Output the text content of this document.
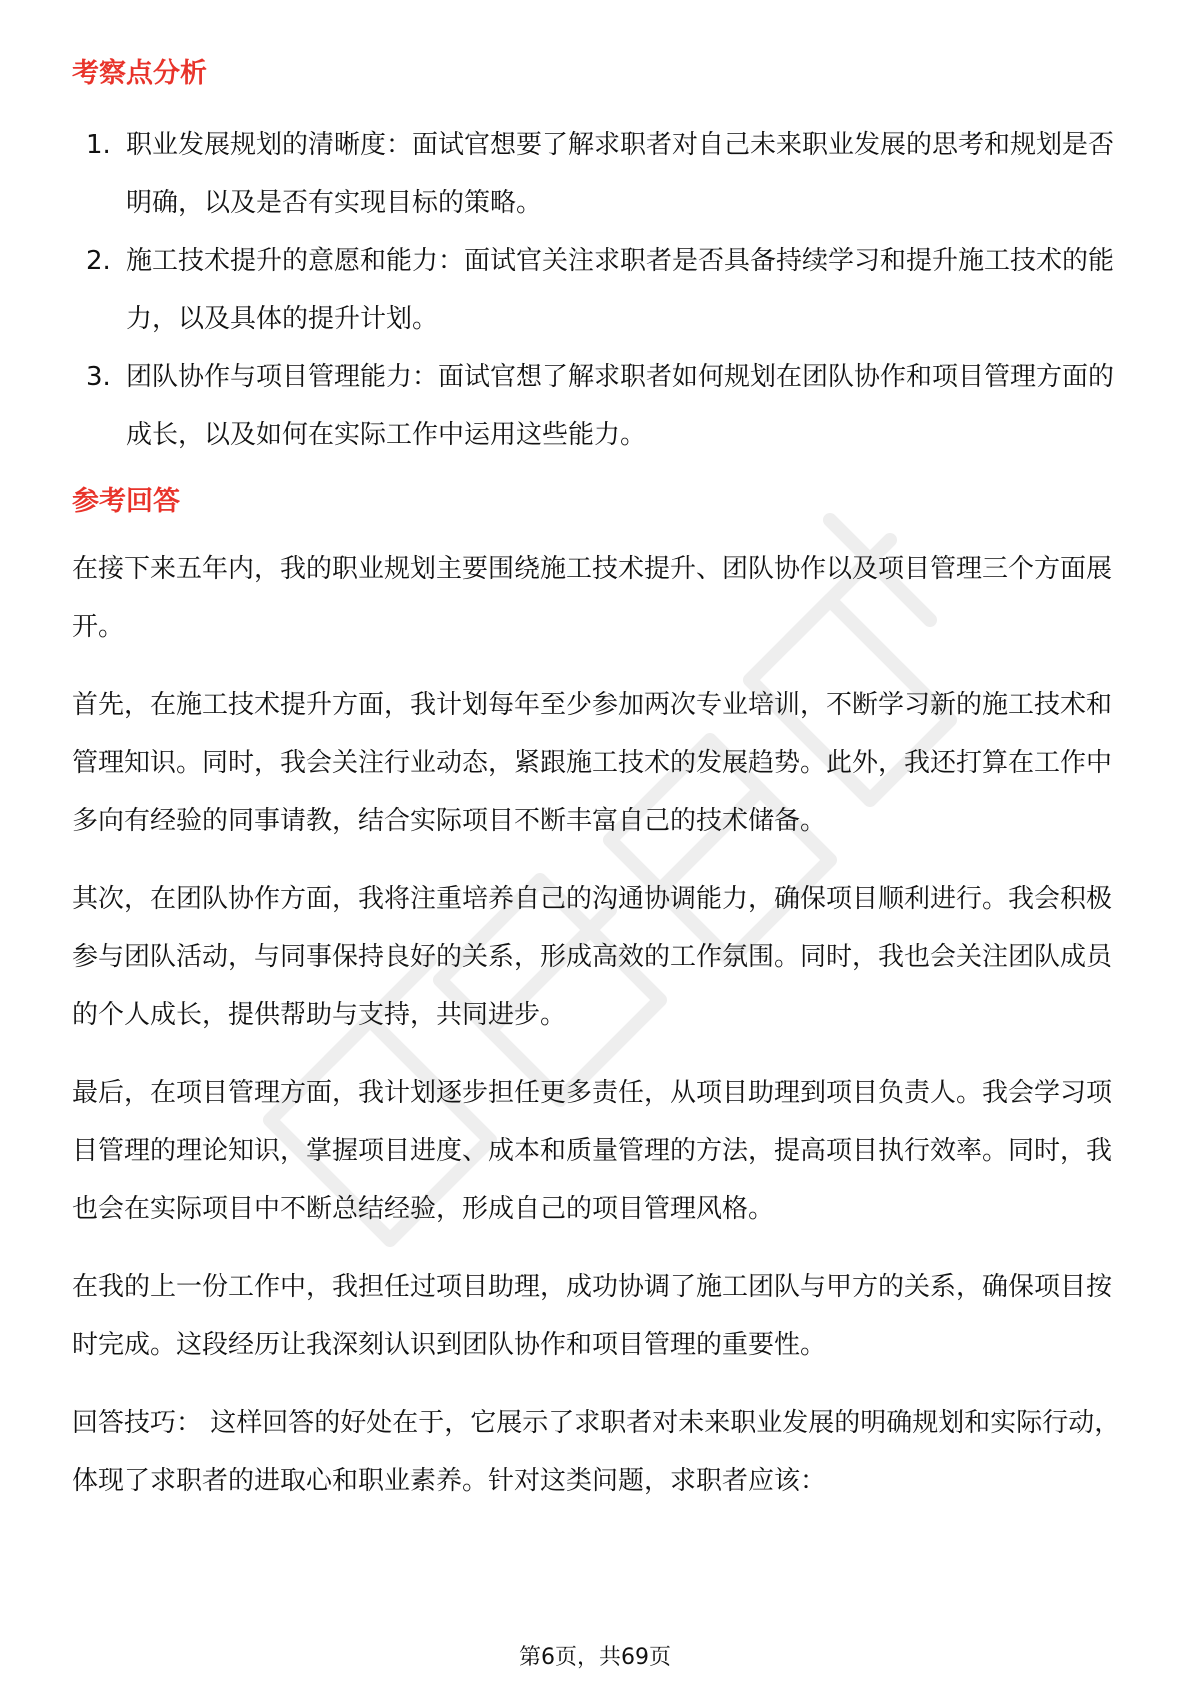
考察点分析
1. 职业发展规划的清晰度：面试官想要了解求职者对自己未来职业发展的思考和规划是否明确，以及是否有实现目标的策略。
2. 施工技术提升的意愿和能力：面试官关注求职者是否具备持续学习和提升施工技术的能力，以及具体的提升计划。
3. 团队协作与项目管理能力：面试官想了解求职者如何规划在团队协作和项目管理方面的成长，以及如何在实际工作中运用这些能力。
参考回答

在接下来五年内，我的职业规划主要围绕施工技术提升、团队协作以及项目管理三个方面展开。

首先，在施工技术提升方面，我计划每年至少参加两次专业培训，不断学习新的施工技术和管理知识。同时，我会关注行业动态，紧跟施工技术的发展趋势。此外，我还打算在工作中多向有经验的同事请教，结合实际项目不断丰富自己的技术储备。

其次，在团队协作方面，我将注重培养自己的沟通协调能力，确保项目顺利进行。我会积极参与团队活动，与同事保持良好的关系，形成高效的工作氛围。同时，我也会关注团队成员的个人成长，提供帮助与支持，共同进步。

最后，在项目管理方面，我计划逐步担任更多责任，从项目助理到项目负责人。我会学习项目管理的理论知识，掌握项目进度、成本和质量管理的方法，提高项目执行效率。同时，我也会在实际项目中不断总结经验，形成自己的项目管理风格。

在我的上一份工作中，我担任过项目助理，成功协调了施工团队与甲方的关系，确保项目按时完成。这段经历让我深刻认识到团队协作和项目管理的重要性。

回答技巧： 这样回答的好处在于，它展示了求职者对未来职业发展的明确规划和实际行动，体现了求职者的进取心和职业素养。针对这类问题，求职者应该：

第6页，共69页
